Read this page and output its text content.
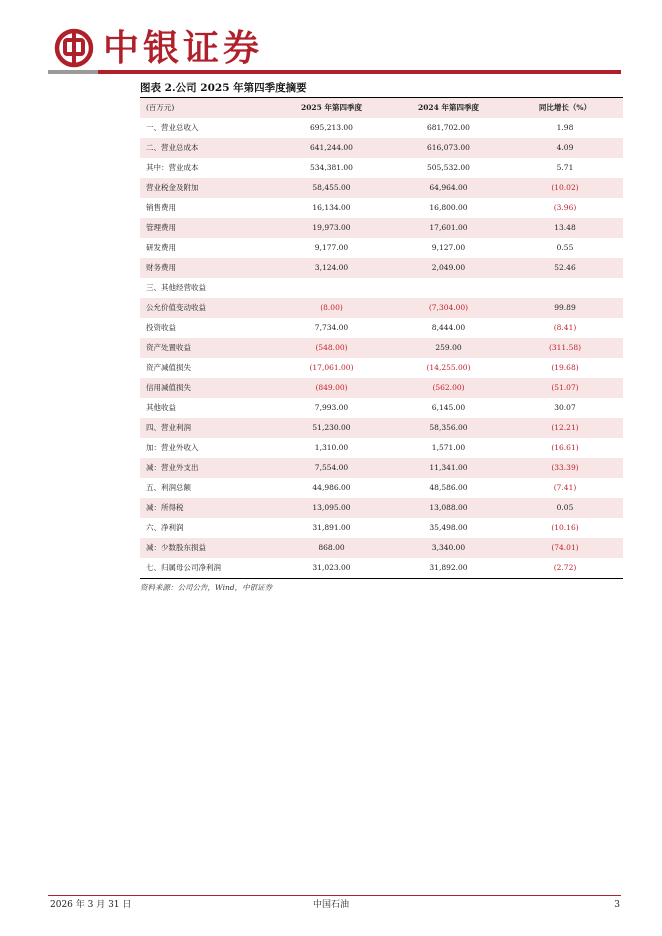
中银证券
图表 2.公司 2025 年第四季度摘要
(百万元)	2025 年第四季度	2024 年第四季度	同比增长（%）
一、营业总收入	695,213.00	681,702.00	1.98
二、营业总成本	641,244.00	616,073.00	4.09
其中：营业成本	534,381.00	505,532.00	5.71
营业税金及附加	58,455.00	64,964.00	(10.02)
销售费用	16,134.00	16,800.00	(3.96)
管理费用	19,973.00	17,601.00	13.48
研发费用	9,177.00	9,127.00	0.55
财务费用	3,124.00	2,049.00	52.46
三、其他经营收益			
公允价值变动收益	(8.00)	(7,304.00)	99.89
投资收益	7,734.00	8,444.00	(8.41)
资产处置收益	(548.00)	259.00	(311.58)
资产减值损失	(17,061.00)	(14,255.00)	(19.68)
信用减值损失	(849.00)	(562.00)	(51.07)
其他收益	7,993.00	6,145.00	30.07
四、营业利润	51,230.00	58,356.00	(12.21)
加：营业外收入	1,310.00	1,571.00	(16.61)
减：营业外支出	7,554.00	11,341.00	(33.39)
五、利润总额	44,986.00	48,586.00	(7.41)
减：所得税	13,095.00	13,088.00	0.05
六、净利润	31,891.00	35,498.00	(10.16)
减：少数股东损益	868.00	3,340.00	(74.01)
七、归属母公司净利润	31,023.00	31,892.00	(2.72)
资料来源：公司公告，Wind，中银证券
2026 年 3 月 31 日	中国石油	3
